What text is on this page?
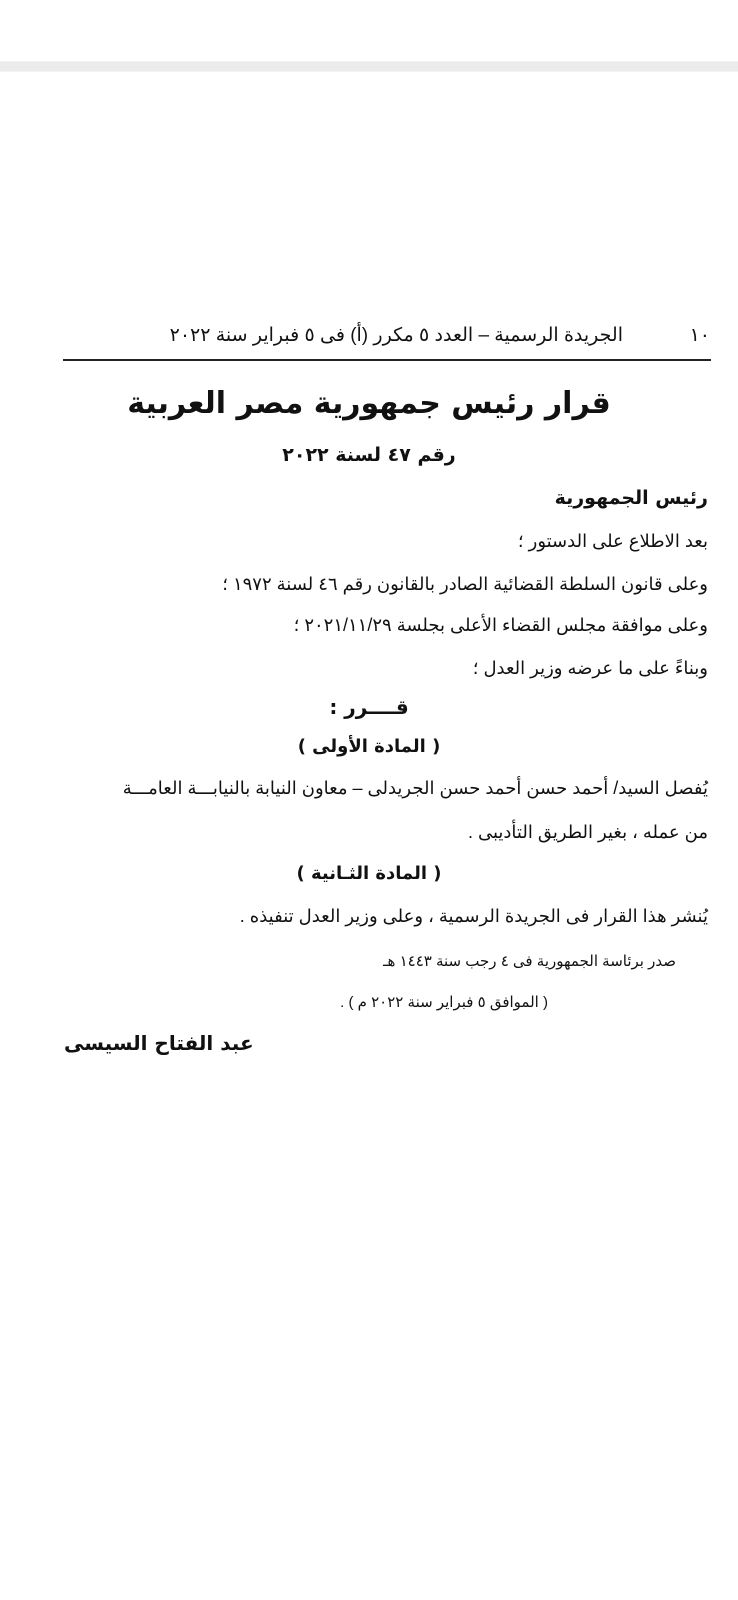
١٠
الجريدة الرسمية – العدد ٥ مكرر (أ) فى ٥ فبراير سنة ٢٠٢٢
قرار رئيس جمهورية مصر العربية
رقم ٤٧ لسنة ٢٠٢٢
رئيس الجمهورية
بعد الاطلاع على الدستور ؛
وعلى قانون السلطة القضائية الصادر بالقانون رقم ٤٦ لسنة ١٩٧٢ ؛
وعلى موافقة مجلس القضاء الأعلى بجلسة ٢٠٢١/١١/٢٩ ؛
وبناءً على ما عرضه وزير العدل ؛
قــــرر :
( المادة الأولى )
يُفصل السيد/ أحمد حسن أحمد حسن الجريدلى – معاون النيابة بالنيابـــة العامـــة
من عمله ، بغير الطريق التأديبى .
( المادة الثـانية )
يُنشر هذا القرار فى الجريدة الرسمية ، وعلى وزير العدل تنفيذه .
صدر برئاسة الجمهورية فى ٤ رجب سنة ١٤٤٣ هـ
( الموافق ٥ فبراير سنة ٢٠٢٢ م ) .
عبد الفتاح السيسى
